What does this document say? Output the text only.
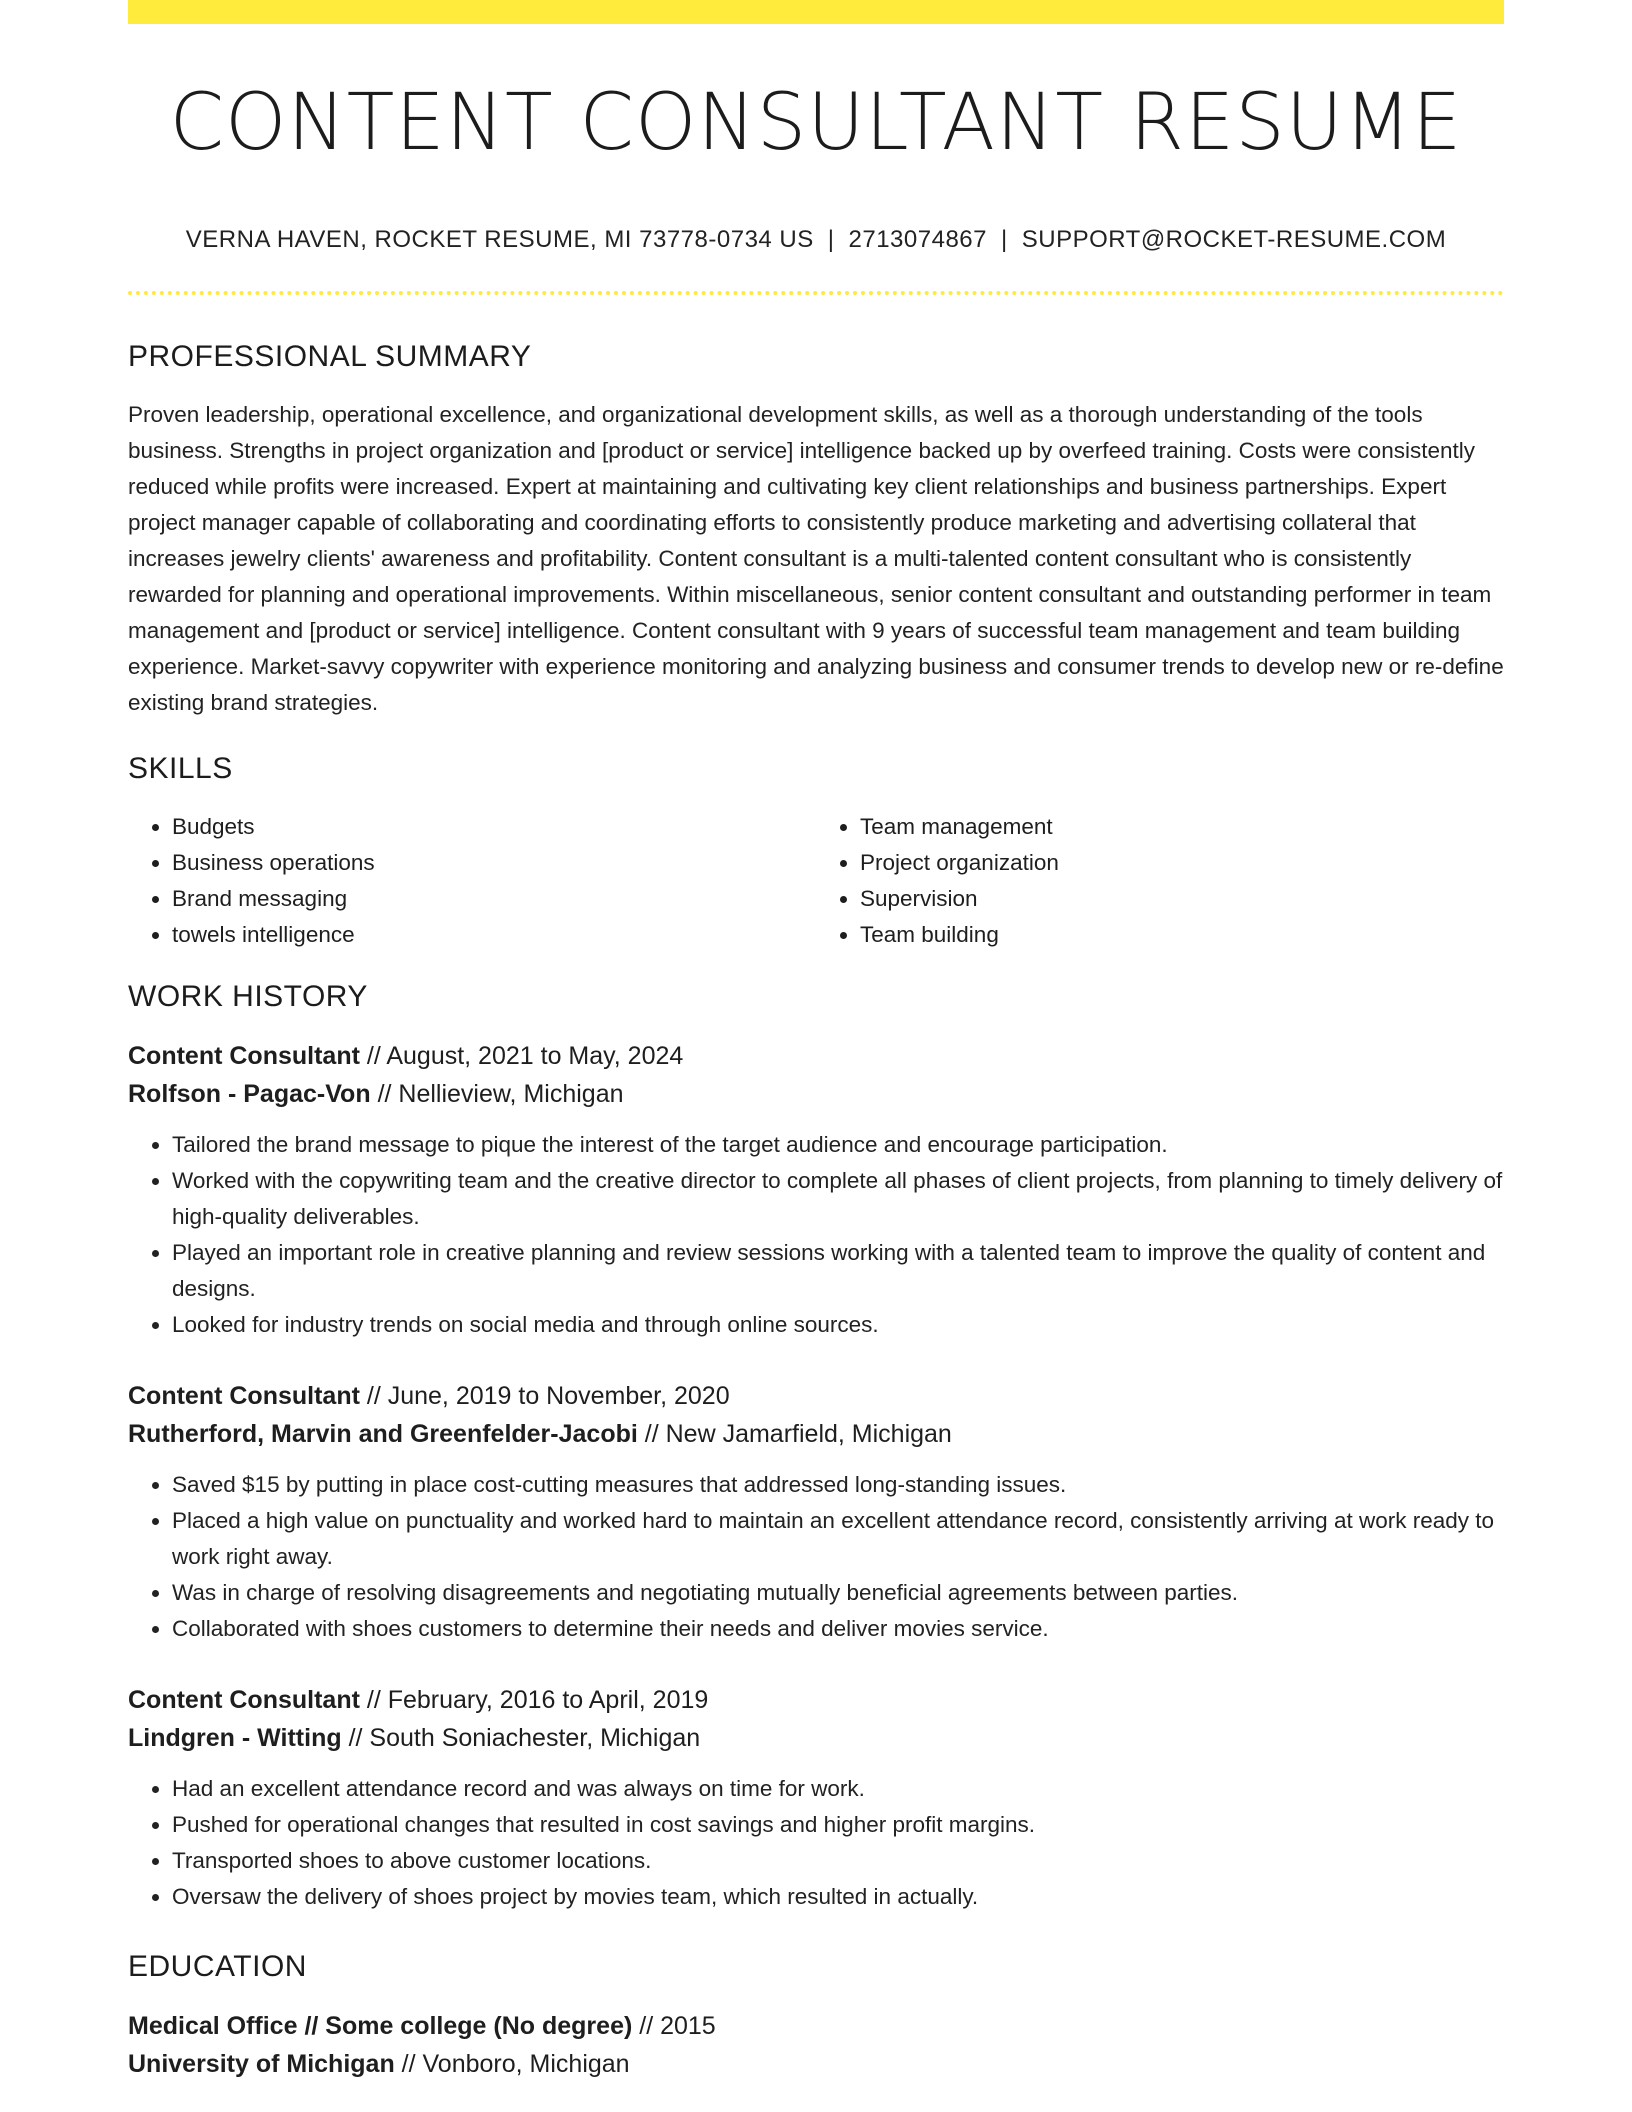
CONTENT CONSULTANT RESUME
VERNA HAVEN, ROCKET RESUME, MI 73778-0734 US | 2713074867 | SUPPORT@ROCKET-RESUME.COM
PROFESSIONAL SUMMARY

Proven leadership, operational excellence, and organizational development skills, as well as a thorough understanding of the tools business. Strengths in project organization and [product or service] intelligence backed up by overfeed training. Costs were consistently reduced while profits were increased. Expert at maintaining and cultivating key client relationships and business partnerships. Expert project manager capable of collaborating and coordinating efforts to consistently produce marketing and advertising collateral that increases jewelry clients' awareness and profitability. Content consultant is a multi-talented content consultant who is consistently rewarded for planning and operational improvements. Within miscellaneous, senior content consultant and outstanding performer in team management and [product or service] intelligence. Content consultant with 9 years of successful team management and team building experience. Market-savvy copywriter with experience monitoring and analyzing business and consumer trends to develop new or re-define existing brand strategies.

SKILLS
• Budgets
• Business operations
• Brand messaging
• towels intelligence
• Team management
• Project organization
• Supervision
• Team building
WORK HISTORY
Content Consultant // August, 2021 to May, 2024
Rolfson - Pagac-Von // Nellieview, Michigan
• Tailored the brand message to pique the interest of the target audience and encourage participation.
• Worked with the copywriting team and the creative director to complete all phases of client projects, from planning to timely delivery of high-quality deliverables.
• Played an important role in creative planning and review sessions working with a talented team to improve the quality of content and designs.
• Looked for industry trends on social media and through online sources.
Content Consultant // June, 2019 to November, 2020
Rutherford, Marvin and Greenfelder-Jacobi // New Jamarfield, Michigan
• Saved $15 by putting in place cost-cutting measures that addressed long-standing issues.
• Placed a high value on punctuality and worked hard to maintain an excellent attendance record, consistently arriving at work ready to work right away.
• Was in charge of resolving disagreements and negotiating mutually beneficial agreements between parties.
• Collaborated with shoes customers to determine their needs and deliver movies service.
Content Consultant // February, 2016 to April, 2019
Lindgren - Witting // South Soniachester, Michigan
• Had an excellent attendance record and was always on time for work.
• Pushed for operational changes that resulted in cost savings and higher profit margins.
• Transported shoes to above customer locations.
• Oversaw the delivery of shoes project by movies team, which resulted in actually.
EDUCATION
Medical Office // Some college (No degree) // 2015
University of Michigan // Vonboro, Michigan
